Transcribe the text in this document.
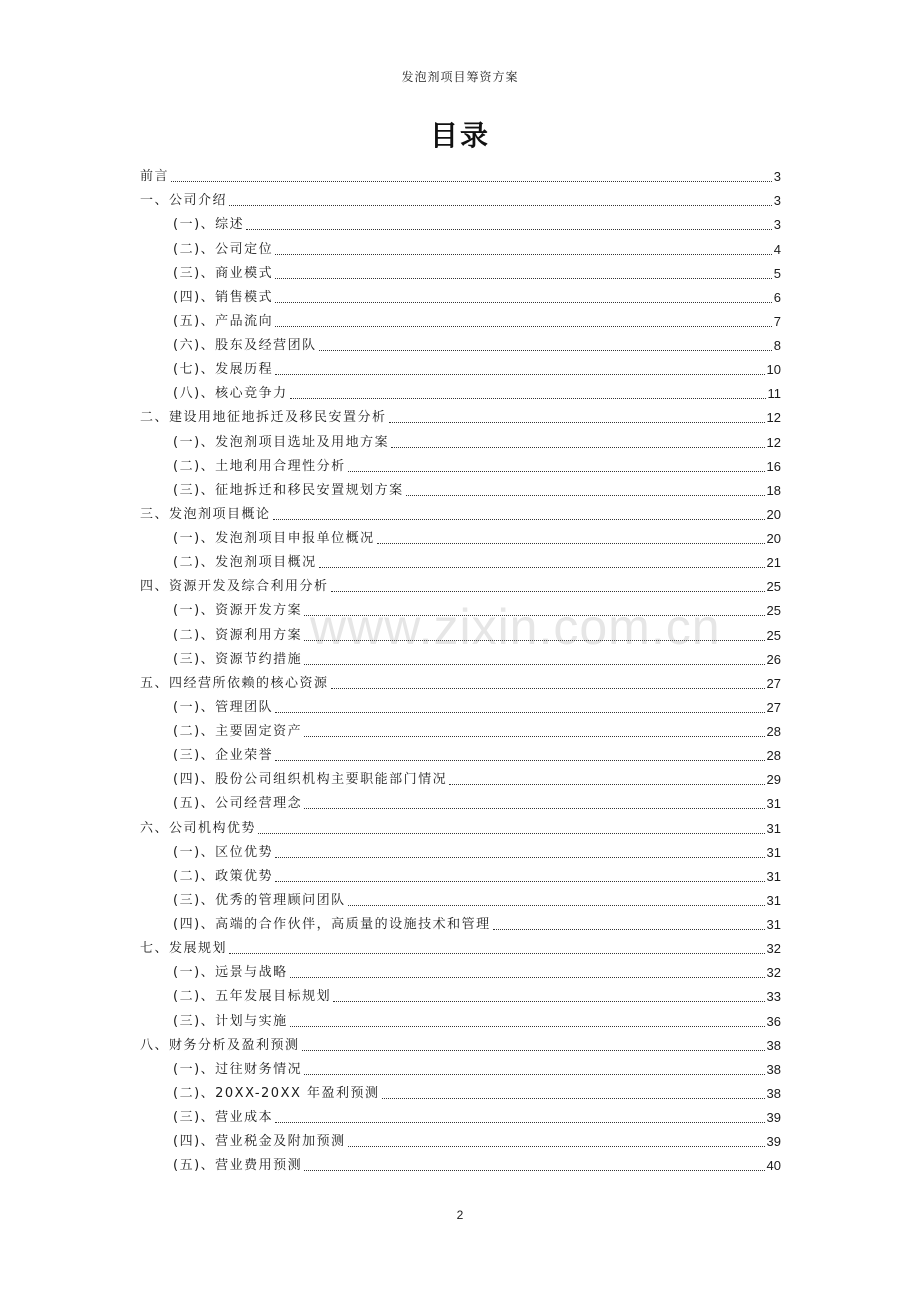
发泡剂项目筹资方案
目录
www.zixin.com.cn
前言	3
一、公司介绍	3
(一)、综述	3
(二)、公司定位	4
(三)、商业模式	5
(四)、销售模式	6
(五)、产品流向	7
(六)、股东及经营团队	8
(七)、发展历程	10
(八)、核心竞争力	11
二、建设用地征地拆迁及移民安置分析	12
(一)、发泡剂项目选址及用地方案	12
(二)、土地利用合理性分析	16
(三)、征地拆迁和移民安置规划方案	18
三、发泡剂项目概论	20
(一)、发泡剂项目申报单位概况	20
(二)、发泡剂项目概况	21
四、资源开发及综合利用分析	25
(一)、资源开发方案	25
(二)、资源利用方案	25
(三)、资源节约措施	26
五、四经营所依赖的核心资源	27
(一)、管理团队	27
(二)、主要固定资产	28
(三)、企业荣誉	28
(四)、股份公司组织机构主要职能部门情况	29
(五)、公司经营理念	31
六、公司机构优势	31
(一)、区位优势	31
(二)、政策优势	31
(三)、优秀的管理顾问团队	31
(四)、高端的合作伙伴，高质量的设施技术和管理	31
七、发展规划	32
(一)、远景与战略	32
(二)、五年发展目标规划	33
(三)、计划与实施	36
八、财务分析及盈利预测	38
(一)、过往财务情况	38
(二)、20XX-20XX 年盈利预测	38
(三)、营业成本	39
(四)、营业税金及附加预测	39
(五)、营业费用预测	40
2
